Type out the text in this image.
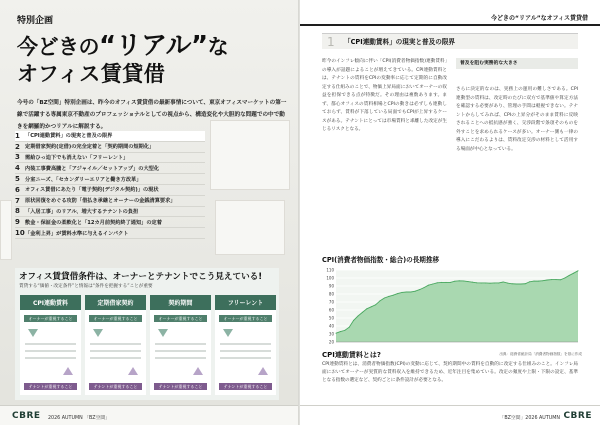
特別企画
今どきの“リアル”な
オフィス賃貸借

今号の「BZ空間」特別企画は、昨今のオフィス賃貸借の最新事情について、東京オフィスマーケットの第一線で活躍する専属東京不動産のプロフェッショナルとしての視点から、構造変化や大胆的な問題での中で動きを網羅的かつリアルに解説する。

1 「CPI連動賃料」の現実と普及の限界
2 定期借家契約(定借)の完全定着と「契約期間の短期化」
3 需給ひっ迫下でも消えない「フリーレント」
4 内装工事費高騰と「アジャイル／セットアップ」の大型化
5 分室ニーズ、「セカンダリーエリアと働き方改革」
6 オフィス賃借にあたり「電子契約(デジタル契約)」の現状
7 原状回復をめぐる攻防「借払き承継とオーナーの金銭清算要求」
8 「入居工事」のリアル、増大するテナントの負担
9 敷金・保証金の柔軟化と「12カ月前契約終了通知」の定着
10 「金利上昇」が賃料水準に与えるインパクト
オフィス賃貸借条件は、オーナーとテナントでこう見えている!
賃貸する“価値・改定条件”と情報は“条件を把握する”ことが重要
CPI連動賃料
オーナーが重視すること
テナントが重視すること
定期借家契約
オーナーが重視すること
テナントが重視すること
契約期間
オーナーが重視すること
テナントが重視すること
フリーレント
オーナーが重視すること
テナントが重視すること
CBRE 2026 AUTUMN 「BZ空間」
今どきの“リアル”なオフィス賃貸借
1 「CPI連動賃料」の現実と普及の限界

昨今のインフレ傾向に伴い「CPI(消費者物価指数)連動賃料」の導入が話題によることが増えてきている。CPI連動賃料とは、テナントの賃料をCPIの変動率に応じて定期的に自動改定する仕組みのことで、物価上昇局面においてオーナーの収益を担保できる点が特徴だ。その理由は複数あります。まず、都心オフィスの賃料相場とCPIの動きは必ずしも連動しておらず、賃料が下落している局面でもCPIが上昇するケースがある。テナントにとっては市場賃料と乖離した改定が生じるリスクとなる。

普及を阻む実務的な大きさ

さらに決定的なのは、実務上の運用の難しさである。CPI連動型の賃料は、改定時のたびに双方で基準値や算定方法を確認する必要があり、管理の手間は軽視できない。テナントからしてみれば、CPIの上昇分がそのまま賃料に反映されることへの抵抗感が強く、交渉段階で条項そのものを外すことを求められるケースが多い。オーナー側も一律の導入にこだわるよりは、賃料改定交渉の材料として活用する場面が中心となっている。

CPI(消費者物価指数・総合)の長期推移
20
30
40
50
60
70
80
90
100
110
出典：総務省統計局「消費者物価指数」を基に作成
CPI連動賃料とは?

CPI連動賃料とは、消費者物価指数(CPI)の変動に応じて、契約期間中の賃料を自動的に改定する仕組みのこと。インフレ局面においてオーナーが実質的な賃料収入を維持できるため、近年注目を集めている。改定の頻度や上限・下限の設定、基準となる指数の選定など、契約ごとに条件設計が必要となる。

「BZ空間」2026 AUTUMN CBRE
